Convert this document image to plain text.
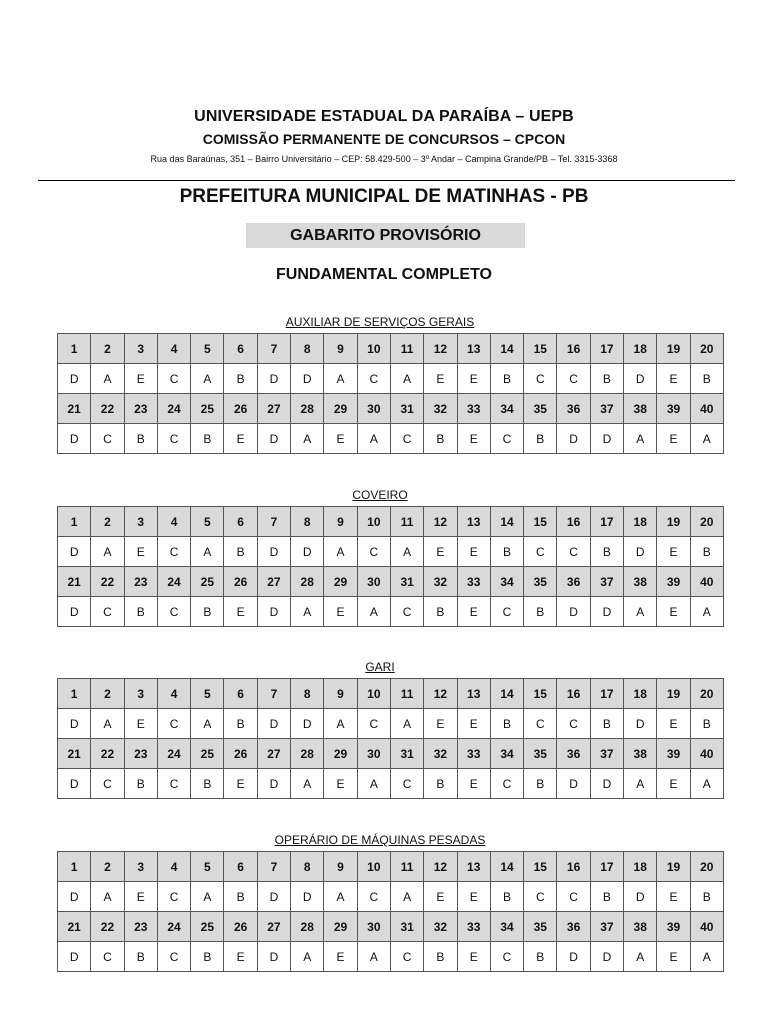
UNIVERSIDADE ESTADUAL DA PARAÍBA – UEPB
COMISSÃO PERMANENTE DE CONCURSOS – CPCON
Rua das Baraúnas, 351 – Bairro Universitário – CEP: 58.429-500 – 3º Andar – Campina Grande/PB – Tel. 3315-3368
PREFEITURA MUNICIPAL DE MATINHAS - PB
GABARITO PROVISÓRIO
FUNDAMENTAL COMPLETO
AUXILIAR DE SERVIÇOS GERAIS
1	2	3	4	5	6	7	8	9	10	11	12	13	14	15	16	17	18	19	20
D	A	E	C	A	B	D	D	A	C	A	E	E	B	C	C	B	D	E	B
21	22	23	24	25	26	27	28	29	30	31	32	33	34	35	36	37	38	39	40
D	C	B	C	B	E	D	A	E	A	C	B	E	C	B	D	D	A	E	A
COVEIRO
1	2	3	4	5	6	7	8	9	10	11	12	13	14	15	16	17	18	19	20
D	A	E	C	A	B	D	D	A	C	A	E	E	B	C	C	B	D	E	B
21	22	23	24	25	26	27	28	29	30	31	32	33	34	35	36	37	38	39	40
D	C	B	C	B	E	D	A	E	A	C	B	E	C	B	D	D	A	E	A
GARI
1	2	3	4	5	6	7	8	9	10	11	12	13	14	15	16	17	18	19	20
D	A	E	C	A	B	D	D	A	C	A	E	E	B	C	C	B	D	E	B
21	22	23	24	25	26	27	28	29	30	31	32	33	34	35	36	37	38	39	40
D	C	B	C	B	E	D	A	E	A	C	B	E	C	B	D	D	A	E	A
OPERÁRIO DE MÁQUINAS PESADAS
1	2	3	4	5	6	7	8	9	10	11	12	13	14	15	16	17	18	19	20
D	A	E	C	A	B	D	D	A	C	A	E	E	B	C	C	B	D	E	B
21	22	23	24	25	26	27	28	29	30	31	32	33	34	35	36	37	38	39	40
D	C	B	C	B	E	D	A	E	A	C	B	E	C	B	D	D	A	E	A
